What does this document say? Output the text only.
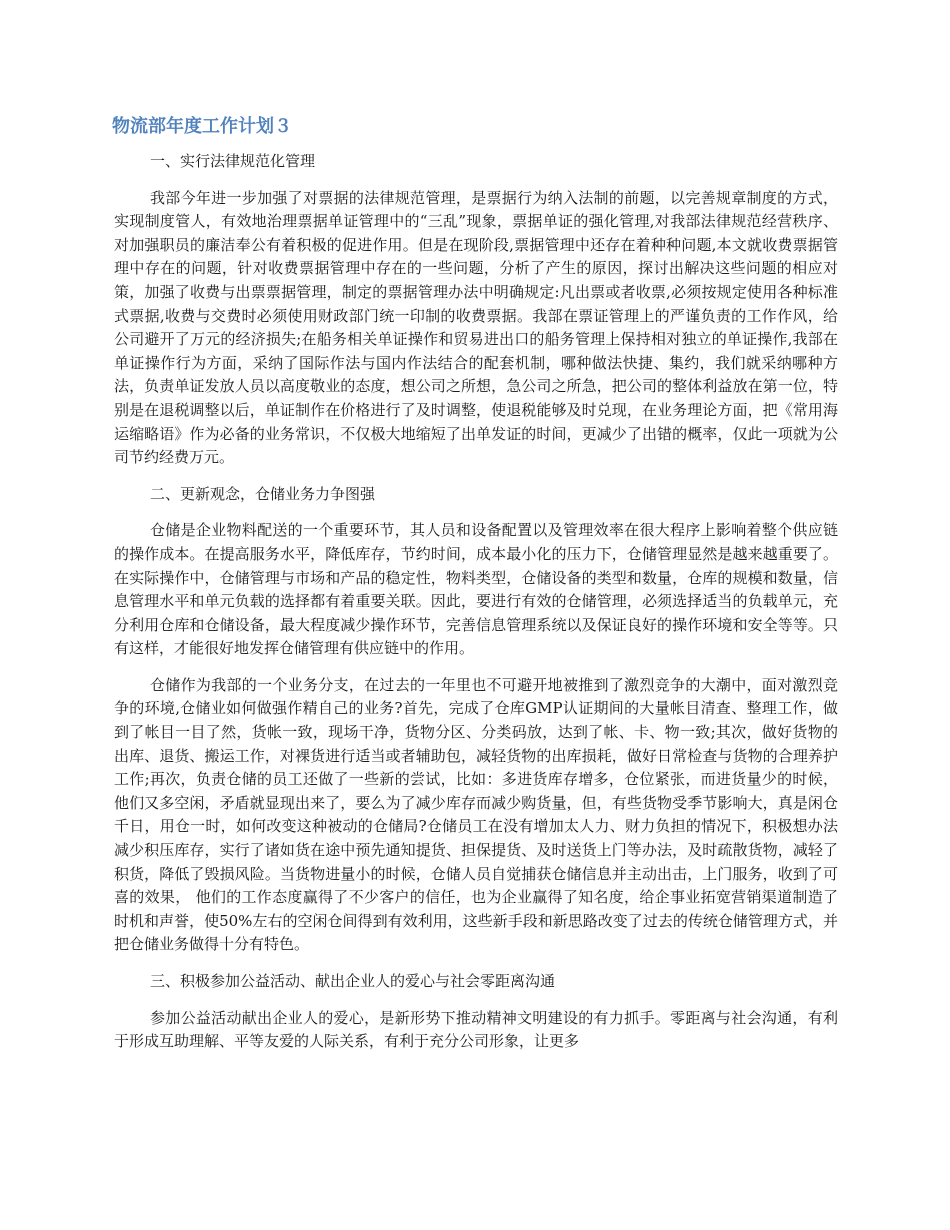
物流部年度工作计划３

一、实行法律规范化管理

我部今年进一步加强了对票据的法律规范管理，是票据行为纳入法制的前题，以完善规章制度的方式，实现制度管人，有效地治理票据单证管理中的“三乱”现象，票据单证的强化管理,对我部法律规范经营秩序、对加强职员的廉洁奉公有着积极的促进作用。但是在现阶段,票据管理中还存在着种种问题,本文就收费票据管理中存在的问题，针对收费票据管理中存在的一些问题，分析了产生的原因，探讨出解决这些问题的相应对策，加强了收费与出票票据管理，制定的票据管理办法中明确规定:凡出票或者收票,必须按规定使用各种标准式票据,收费与交费时必须使用财政部门统一印制的收费票据。我部在票证管理上的严谨负责的工作作风，给公司避开了万元的经济损失;在船务相关单证操作和贸易进出口的船务管理上保持相对独立的单证操作,我部在单证操作行为方面，采纳了国际作法与国内作法结合的配套机制，哪种做法快捷、集约，我们就采纳哪种方法，负责单证发放人员以高度敬业的态度，想公司之所想，急公司之所急，把公司的整体利益放在第一位，特别是在退税调整以后，单证制作在价格进行了及时调整，使退税能够及时兑现，在业务理论方面，把《常用海运缩略语》作为必备的业务常识，不仅极大地缩短了出单发证的时间，更减少了出错的概率，仅此一项就为公司节约经费万元。

二、更新观念，仓储业务力争图强

仓储是企业物料配送的一个重要环节，其人员和设备配置以及管理效率在很大程序上影响着整个供应链的操作成本。在提高服务水平，降低库存，节约时间，成本最小化的压力下，仓储管理显然是越来越重要了。在实际操作中，仓储管理与市场和产品的稳定性，物料类型，仓储设备的类型和数量，仓库的规模和数量，信息管理水平和单元负载的选择都有着重要关联。因此，要进行有效的仓储管理，必须选择适当的负载单元，充分利用仓库和仓储设备，最大程度减少操作环节，完善信息管理系统以及保证良好的操作环境和安全等等。只有这样，才能很好地发挥仓储管理有供应链中的作用。

仓储作为我部的一个业务分支，在过去的一年里也不可避开地被推到了激烈竞争的大潮中，面对激烈竞争的环境,仓储业如何做强作精自己的业务?首先，完成了仓库GMP认证期间的大量帐目清查、整理工作，做到了帐目一目了然，货帐一致，现场干净，货物分区、分类码放，达到了帐、卡、物一致;其次，做好货物的出库、退货、搬运工作，对裸货进行适当或者辅助包，减轻货物的出库损耗，做好日常检查与货物的合理养护工作;再次，负责仓储的员工还做了一些新的尝试，比如：多进货库存增多，仓位紧张，而进货量少的时候，他们又多空闲，矛盾就显现出来了，要么为了减少库存而减少购货量，但，有些货物受季节影响大，真是闲仓千日，用仓一时，如何改变这种被动的仓储局?仓储员工在没有增加太人力、财力负担的情况下，积极想办法减少积压库存，实行了诸如货在途中预先通知提货、担保提货、及时送货上门等办法，及时疏散货物，减轻了积货，降低了毁损风险。当货物进量小的时候，仓储人员自觉捕获仓储信息并主动出击，上门服务，收到了可喜的效果， 他们的工作态度赢得了不少客户的信任，也为企业赢得了知名度，给企事业拓宽营销渠道制造了时机和声誉，使50%左右的空闲仓间得到有效利用，这些新手段和新思路改变了过去的传统仓储管理方式，并把仓储业务做得十分有特色。

三、积极参加公益活动、献出企业人的爱心与社会零距离沟通

参加公益活动献出企业人的爱心，是新形势下推动精神文明建设的有力抓手。零距离与社会沟通，有利于形成互助理解、平等友爱的人际关系，有利于充分公司形象，让更多
